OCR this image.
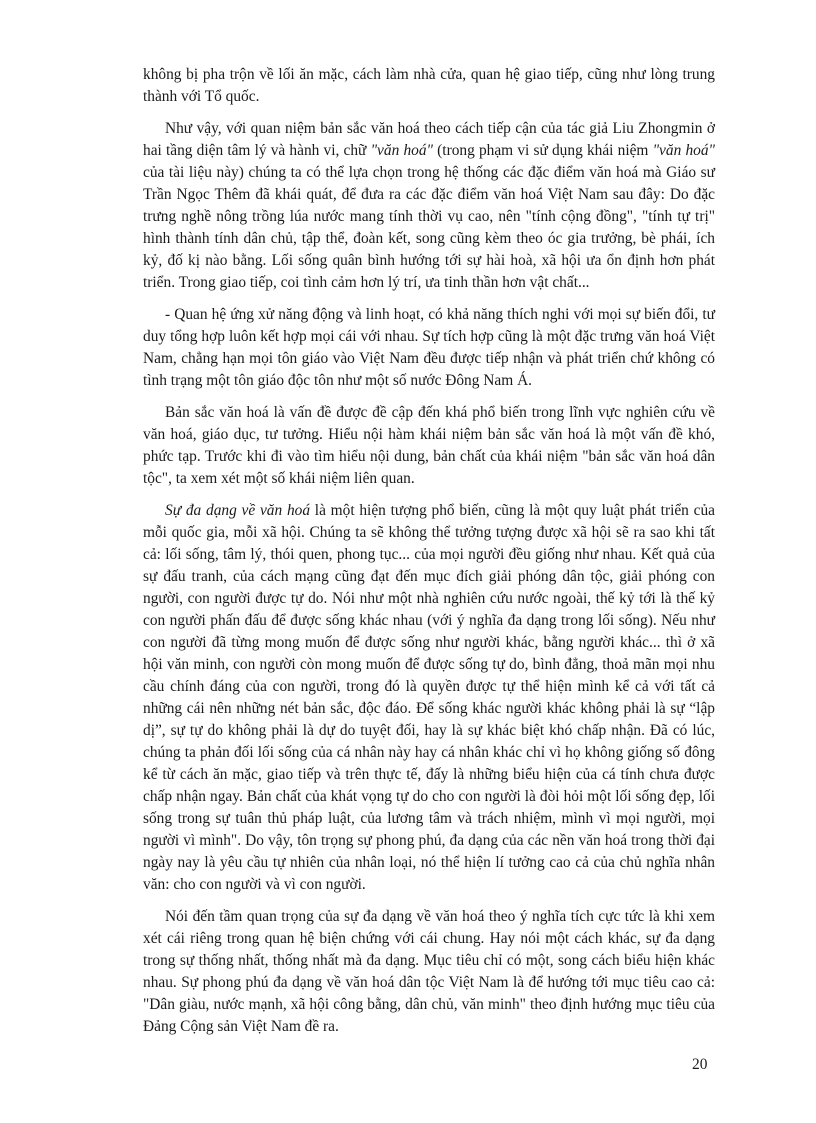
không bị pha trộn về lối ăn mặc, cách làm nhà cửa, quan hệ giao tiếp, cũng như lòng trung thành với Tổ quốc.

Như vậy, với quan niệm bản sắc văn hoá theo cách tiếp cận của tác giả Liu Zhongmin ở hai tầng diện tâm lý và hành vi, chữ "văn hoá" (trong phạm vi sử dụng khái niệm "văn hoá" của tài liệu này) chúng ta có thể lựa chọn trong hệ thống các đặc điểm văn hoá mà Giáo sư Trần Ngọc Thêm đã khái quát, để đưa ra các đặc điểm văn hoá Việt Nam sau đây: Do đặc trưng nghề nông trồng lúa nước mang tính thời vụ cao, nên "tính cộng đồng", "tính tự trị" hình thành tính dân chủ, tập thể, đoàn kết, song cũng kèm theo óc gia trưởng, bè phái, ích kỷ, đố kị nào bằng. Lối sống quân bình hướng tới sự hài hoà, xã hội ưa ổn định hơn phát triển. Trong giao tiếp, coi tình cảm hơn lý trí, ưa tinh thần hơn vật chất...

- Quan hệ ứng xử năng động và linh hoạt, có khả năng thích nghi với mọi sự biến đổi, tư duy tổng hợp luôn kết hợp mọi cái với nhau. Sự tích hợp cũng là một đặc trưng văn hoá Việt Nam, chẳng hạn mọi tôn giáo vào Việt Nam đều được tiếp nhận và phát triển chứ không có tình trạng một tôn giáo độc tôn như một số nước Đông Nam Á.

Bản sắc văn hoá là vấn đề được đề cập đến khá phổ biến trong lĩnh vực nghiên cứu về văn hoá, giáo dục, tư tưởng. Hiểu nội hàm khái niệm bản sắc văn hoá là một vấn đề khó, phức tạp. Trước khi đi vào tìm hiểu nội dung, bản chất của khái niệm "bản sắc văn hoá dân tộc", ta xem xét một số khái niệm liên quan.

Sự đa dạng về văn hoá là một hiện tượng phổ biến, cũng là một quy luật phát triển của mỗi quốc gia, mỗi xã hội. Chúng ta sẽ không thể tưởng tượng được xã hội sẽ ra sao khi tất cả: lối sống, tâm lý, thói quen, phong tục... của mọi người đều giống như nhau. Kết quả của sự đấu tranh, của cách mạng cũng đạt đến mục đích giải phóng dân tộc, giải phóng con người, con người được tự do. Nói như một nhà nghiên cứu nước ngoài, thế kỷ tới là thế kỷ con người phấn đấu để được sống khác nhau (với ý nghĩa đa dạng trong lối sống). Nếu như con người đã từng mong muốn để được sống như người khác, bằng người khác... thì ở xã hội văn minh, con người còn mong muốn để được sống tự do, bình đẳng, thoả mãn mọi nhu cầu chính đáng của con người, trong đó là quyền được tự thể hiện mình kể cả với tất cả những cái nên những nét bản sắc, độc đáo. Để sống khác người khác không phải là sự “lập dị”, sự tự do không phải là dự do tuyệt đối, hay là sự khác biệt khó chấp nhận. Đã có lúc, chúng ta phản đối lối sống của cá nhân này hay cá nhân khác chỉ vì họ không giống số đông kể từ cách ăn mặc, giao tiếp và trên thực tế, đấy là những biểu hiện của cá tính chưa được chấp nhận ngay. Bản chất của khát vọng tự do cho con người là đòi hỏi một lối sống đẹp, lối sống trong sự tuân thủ pháp luật, của lương tâm và trách nhiệm, mình vì mọi người, mọi người vì mình". Do vậy, tôn trọng sự phong phú, đa dạng của các nền văn hoá trong thời đại ngày nay là yêu cầu tự nhiên của nhân loại, nó thể hiện lí tưởng cao cả của chủ nghĩa nhân văn: cho con người và vì con người.

Nói đến tầm quan trọng của sự đa dạng về văn hoá theo ý nghĩa tích cực tức là khi xem xét cái riêng trong quan hệ biện chứng với cái chung. Hay nói một cách khác, sự đa dạng trong sự thống nhất, thống nhất mà đa dạng. Mục tiêu chỉ có một, song cách biểu hiện khác nhau. Sự phong phú đa dạng về văn hoá dân tộc Việt Nam là để hướng tới mục tiêu cao cả: "Dân giàu, nước mạnh, xã hội công bằng, dân chủ, văn minh" theo định hướng mục tiêu của Đảng Cộng sản Việt Nam đề ra.

20
